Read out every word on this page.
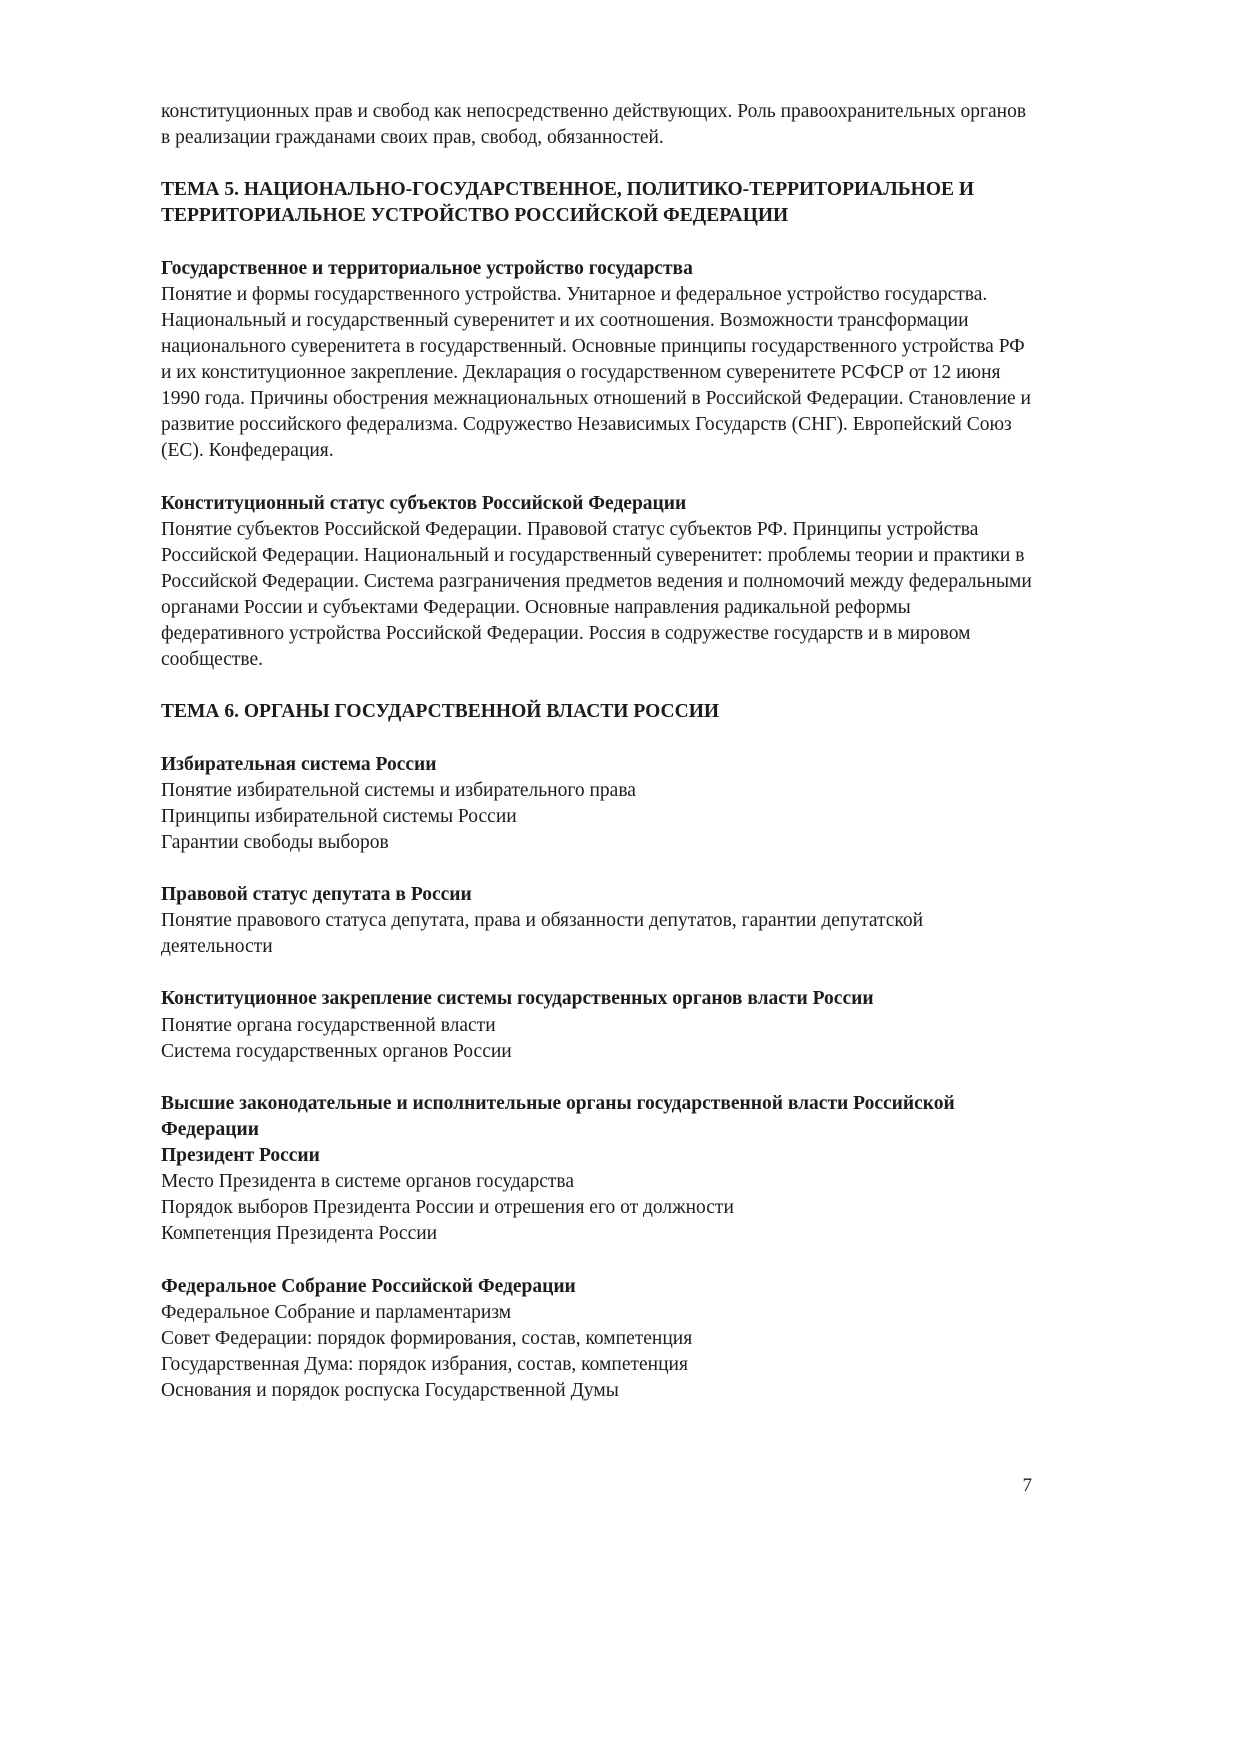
конституционных прав и свобод как непосредственно действующих. Роль правоохранительных органов в реализации гражданами своих прав, свобод, обязанностей.

ТЕМА 5. НАЦИОНАЛЬНО-ГОСУДАРСТВЕННОЕ, ПОЛИТИКО-ТЕРРИТОРИАЛЬНОЕ И ТЕРРИТОРИАЛЬНОЕ УСТРОЙСТВО РОССИЙСКОЙ ФЕДЕРАЦИИ

Государственное и территориальное устройство государства

Понятие и формы государственного устройства. Унитарное и федеральное устройство государства. Национальный и государственный суверенитет и их соотношения. Возможности трансформации национального суверенитета в государственный. Основные принципы государственного устройства РФ и их конституционное закрепление. Декларация о государственном суверенитете РСФСР от 12 июня 1990 года. Причины обострения межнациональных отношений в Российской Федерации. Становление и развитие российского федерализма. Содружество Независимых Государств (СНГ). Европейский Союз (ЕС). Конфедерация.

Конституционный статус субъектов Российской Федерации

Понятие субъектов Российской Федерации. Правовой статус субъектов РФ. Принципы устройства Российской Федерации. Национальный и государственный суверенитет: проблемы теории и практики в Российской Федерации. Система разграничения предметов ведения и полномочий между федеральными органами России и субъектами Федерации. Основные направления радикальной реформы федеративного устройства Российской Федерации. Россия в содружестве государств и в мировом сообществе.

ТЕМА 6. ОРГАНЫ ГОСУДАРСТВЕННОЙ ВЛАСТИ РОССИИ

Избирательная система России

Понятие избирательной системы и избирательного права

Принципы избирательной системы России

Гарантии свободы выборов

Правовой статус депутата в России

Понятие правового статуса депутата, права и обязанности депутатов, гарантии депутатской деятельности

Конституционное закрепление системы государственных органов власти России

Понятие органа государственной власти

Система государственных органов России

Высшие законодательные и исполнительные органы государственной власти Российской Федерации

Президент России

Место Президента в системе органов государства

Порядок выборов Президента России и отрешения его от должности

Компетенция Президента России

Федеральное Собрание Российской Федерации

Федеральное Собрание и парламентаризм

Совет Федерации: порядок формирования, состав, компетенция

Государственная Дума: порядок избрания, состав, компетенция

Основания и порядок роспуска Государственной Думы

7
